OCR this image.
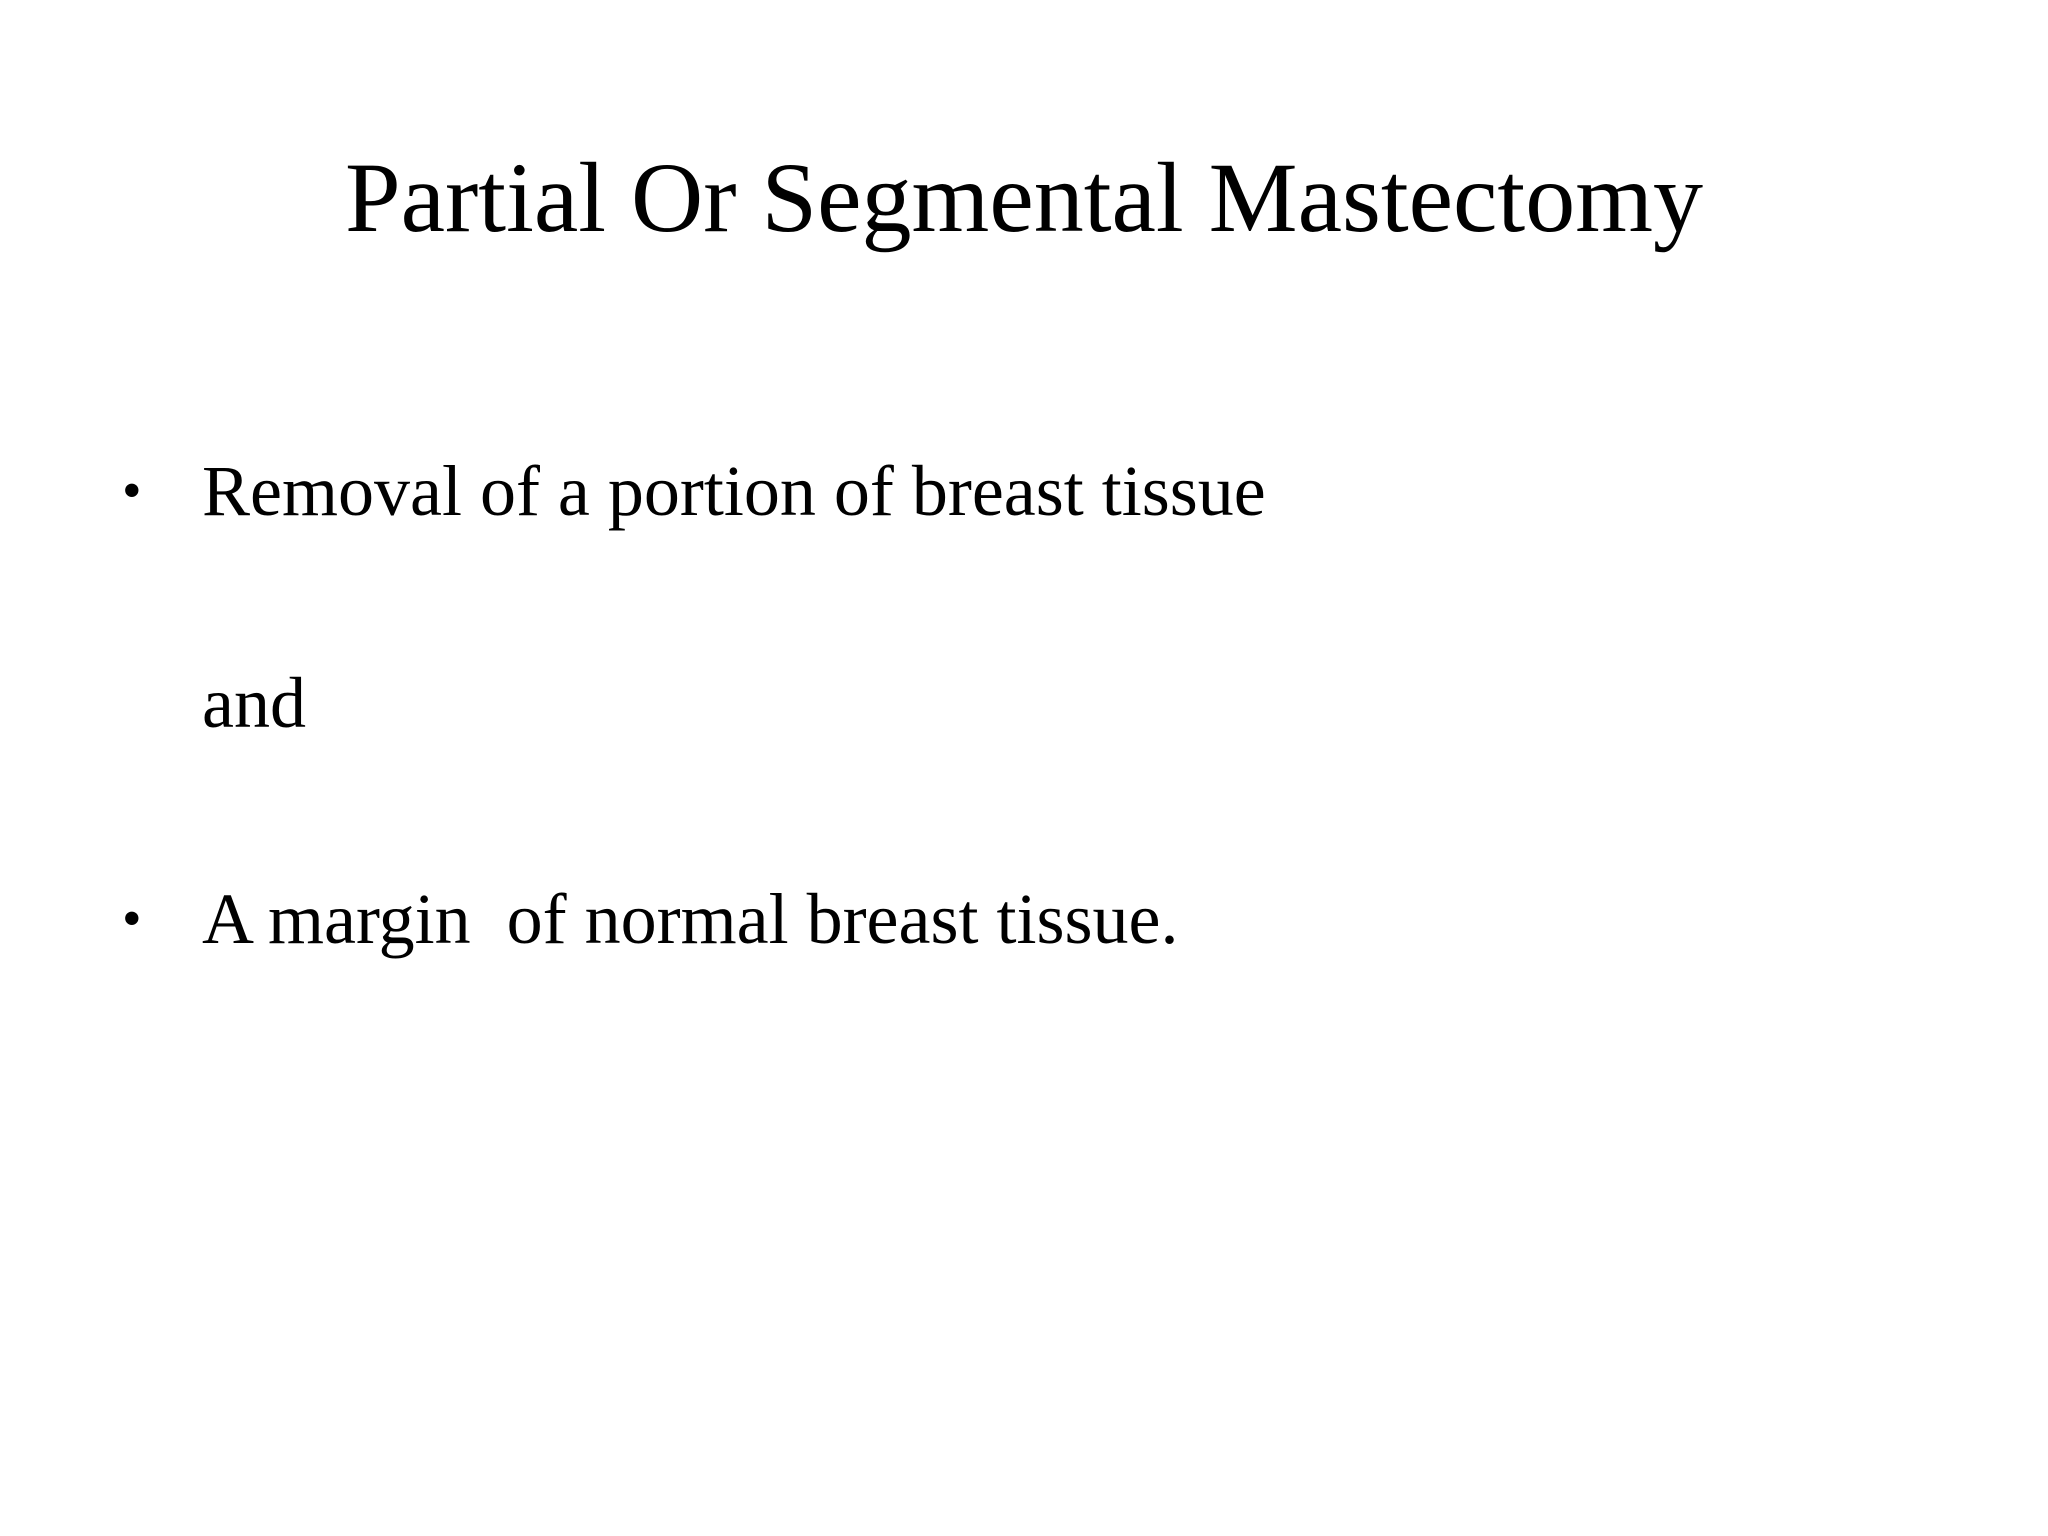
Partial Or Segmental Mastectomy

•

Removal of a portion of breast tissue

and

•

A margin  of normal breast tissue.
